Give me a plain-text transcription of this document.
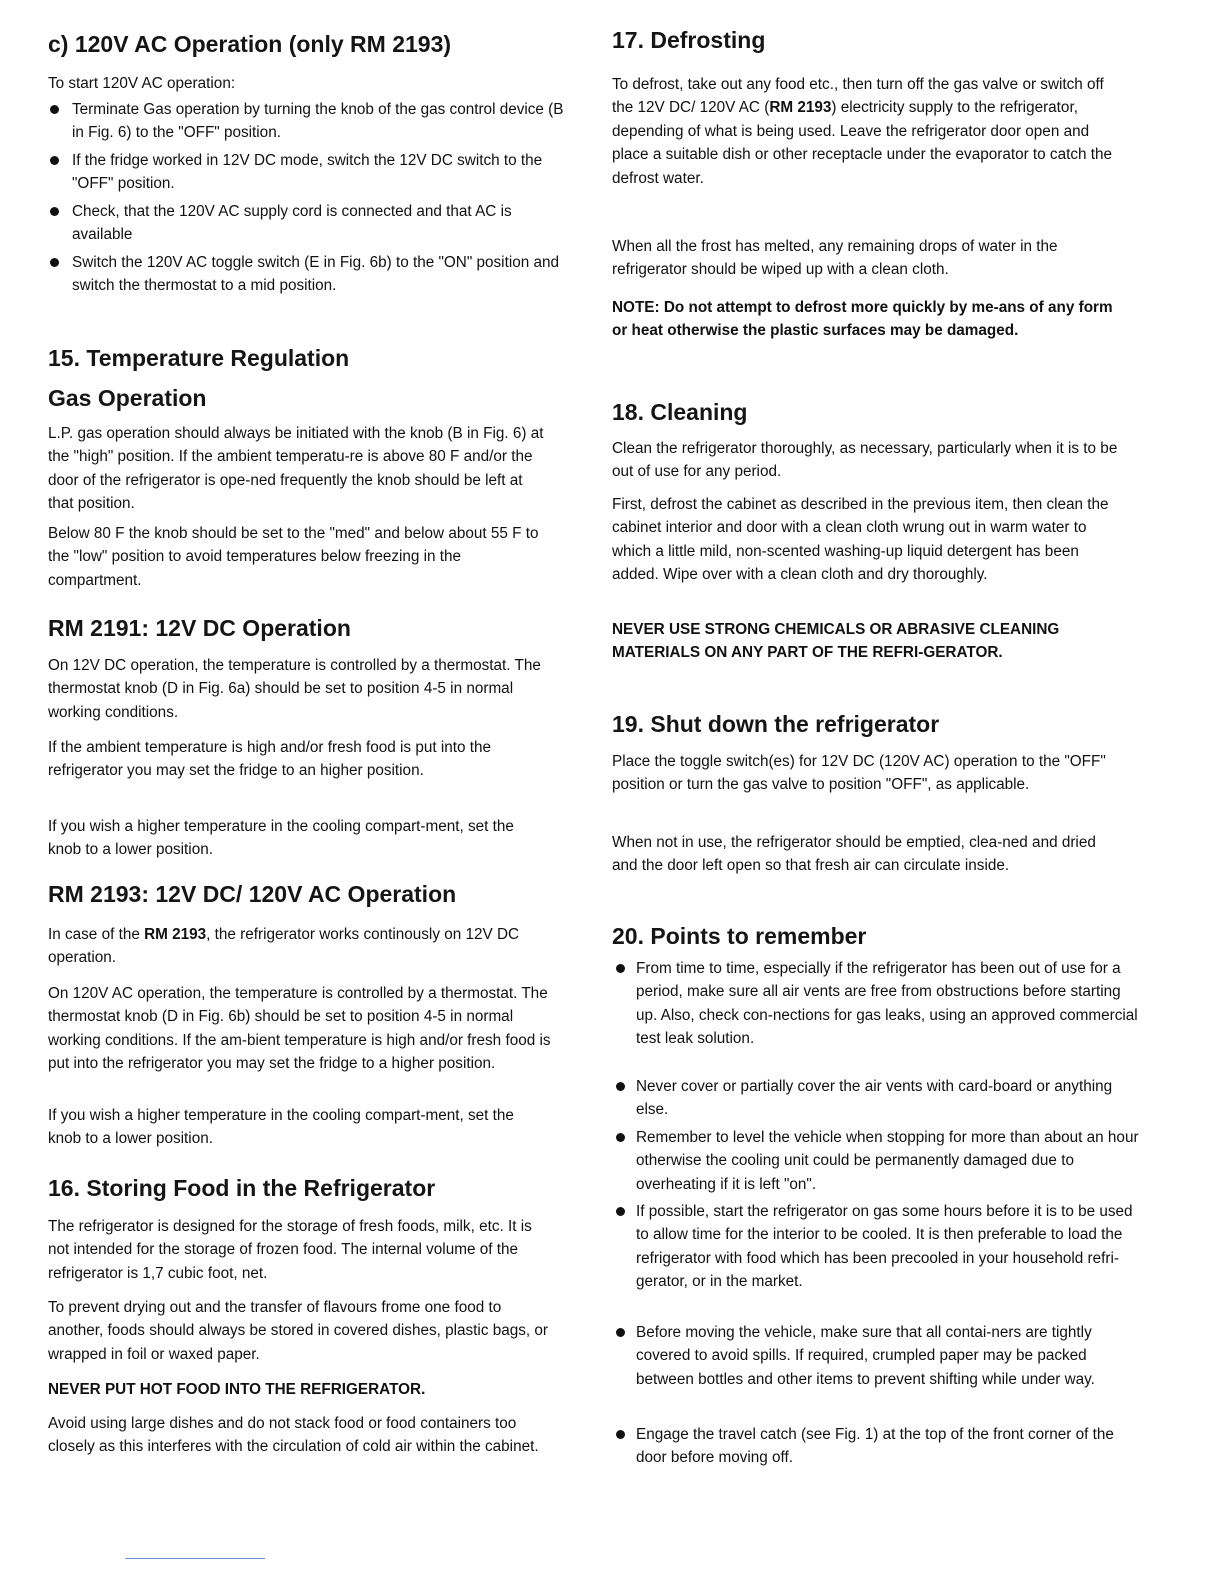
c) 120V AC Operation (only RM 2193)

To start 120V AC operation:

Terminate Gas operation by turning the knob of the gas control device (B in Fig. 6) to the "OFF" position.
If the fridge worked in 12V DC mode, switch the 12V DC switch to the "OFF" position.
Check, that the 120V AC supply cord is connected and that AC is available
Switch the 120V AC toggle switch (E in Fig. 6b) to the "ON" position and switch the thermostat to a mid position.
15. Temperature Regulation
Gas Operation

L.P. gas operation should always be initiated with the knob (B in Fig. 6) at the "high" position. If the ambient temperatu-re is above 80 F and/or the door of the refrigerator is ope-ned frequently the knob should be left at that position.

Below 80 F the knob should be set to the "med" and below about 55 F to the "low" position to avoid temperatures below freezing in the compartment.

RM 2191: 12V DC Operation

On 12V DC operation, the temperature is controlled by a thermostat. The thermostat knob (D in Fig. 6a) should be set to position 4-5 in normal working conditions.

If the ambient temperature is high and/or fresh food is put into the refrigerator you may set the fridge to an higher position.

If you wish a higher temperature in the cooling compart-ment, set the knob to a lower position.

RM 2193: 12V DC/ 120V AC Operation

In case of the RM 2193, the refrigerator works continously on 12V DC operation.

On 120V AC operation, the temperature is controlled by a thermostat. The thermostat knob (D in Fig. 6b) should be set to position 4-5 in normal working conditions. If the am-bient temperature is high and/or fresh food is put into the refrigerator you may set the fridge to a higher position.

If you wish a higher temperature in the cooling compart-ment, set the knob to a lower position.

16. Storing Food in the Refrigerator

The refrigerator is designed for the storage of fresh foods, milk, etc. It is not intended for the storage of frozen food. The internal volume of the refrigerator is 1,7 cubic foot, net.

To prevent drying out and the transfer of flavours frome one food to another, foods should always be stored in covered dishes, plastic bags, or wrapped in foil or waxed paper.

NEVER PUT HOT FOOD INTO THE REFRIGERATOR.

Avoid using large dishes and do not stack food or food containers too closely as this interferes with the circulation of cold air within the cabinet.

17. Defrosting

To defrost, take out any food etc., then turn off the gas valve or switch off the 12V DC/ 120V AC (RM 2193) electricity supply to the refrigerator, depending of what is being used. Leave the refrigerator door open and place a suitable dish or other receptacle under the evaporator to catch the defrost water.

When all the frost has melted, any remaining drops of water in the refrigerator should be wiped up with a clean cloth.

NOTE: Do not attempt to defrost more quickly by me-ans of any form or heat otherwise the plastic surfaces may be damaged.

18. Cleaning

Clean the refrigerator thoroughly, as necessary, particularly when it is to be out of use for any period.

First, defrost the cabinet as described in the previous item, then clean the cabinet interior and door with a clean cloth wrung out in warm water to which a little mild, non-scented washing-up liquid detergent has been added. Wipe over with a clean cloth and dry thoroughly.

NEVER USE STRONG CHEMICALS OR ABRASIVE CLEANING MATERIALS ON ANY PART OF THE REFRI-GERATOR.

19. Shut down the refrigerator

Place the toggle switch(es) for 12V DC (120V AC) operation to the "OFF" position or turn the gas valve to position "OFF", as applicable.

When not in use, the refrigerator should be emptied, clea-ned and dried and the door left open so that fresh air can circulate inside.

20. Points to remember
From time to time, especially if the refrigerator has been out of use for a period, make sure all air vents are free from obstructions before starting up. Also, check con-nections for gas leaks, using an approved commercial test leak solution.
Never cover or partially cover the air vents with card-board or anything else.
Remember to level the vehicle when stopping for more than about an hour otherwise the cooling unit could be permanently damaged due to overheating if it is left "on".
If possible, start the refrigerator on gas some hours before it is to be used to allow time for the interior to be cooled. It is then preferable to load the refrigerator with food which has been precooled in your household refri-gerator, or in the market.
Before moving the vehicle, make sure that all contai-ners are tightly covered to avoid spills. If required, crumpled paper may be packed between bottles and other items to prevent shifting while under way.
Engage the travel catch (see Fig. 1) at the top of the front corner of the door before moving off.
